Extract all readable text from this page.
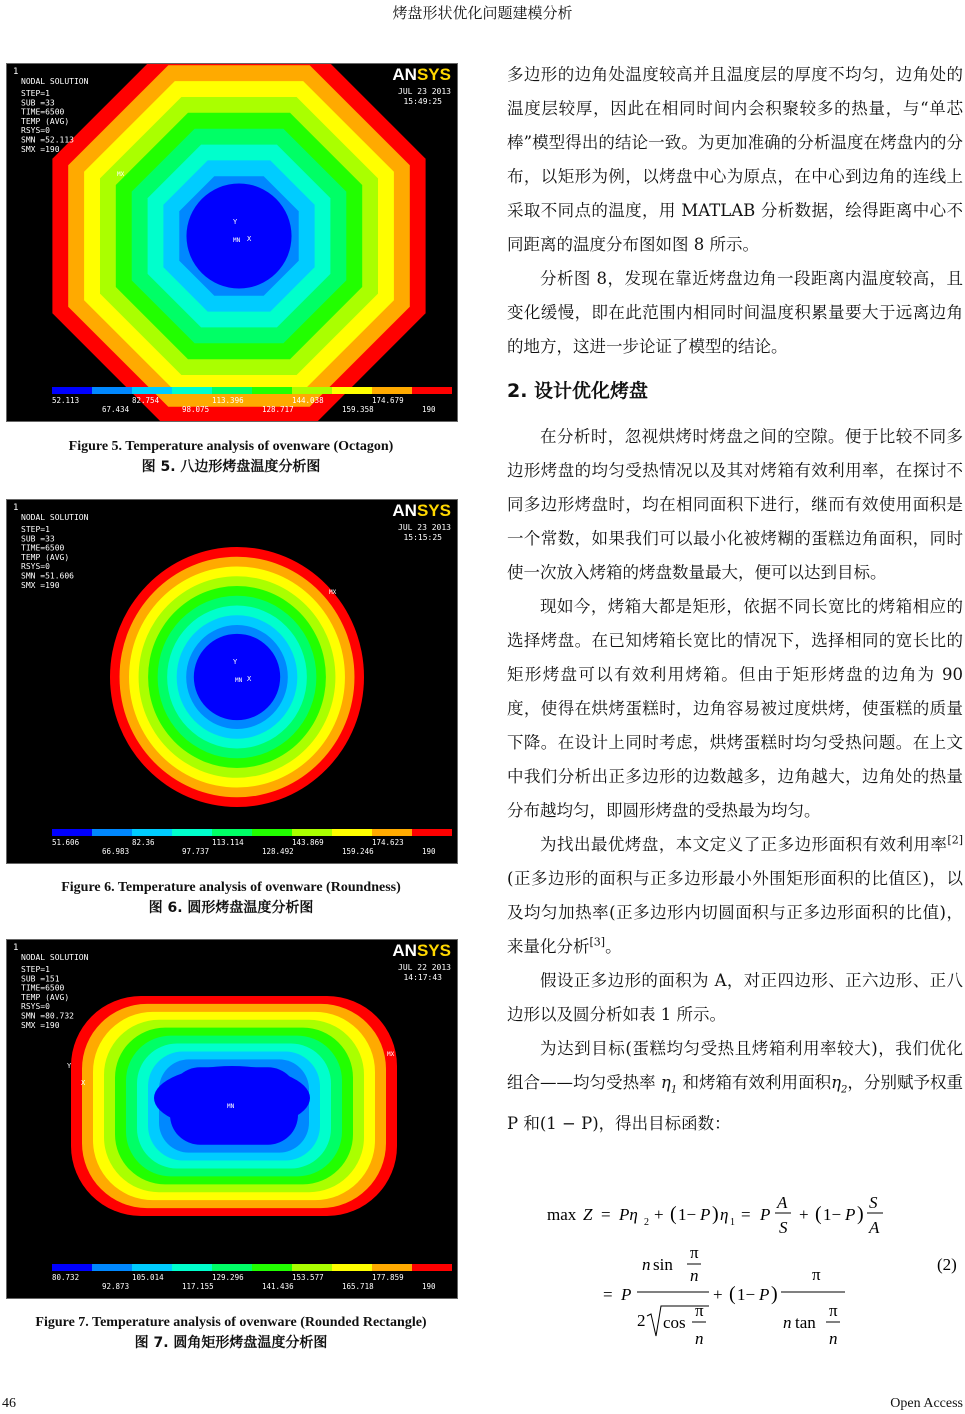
烤盘形状优化问题建模分析
1
NODAL SOLUTION
STEP=1
SUB =33
TIME=6500
TEMP (AVG)
RSYS=0
SMN =52.113
SMX =190
JUL 23 2013
15:49:25
ANSYS
MX
MN
Y
X
52.113	82.754	113.396	144.038	174.679
67.434	98.075	128.717	159.358	190
Figure 5. Temperature analysis of ovenware (Octagon)
图 5. 八边形烤盘温度分析图
1
NODAL SOLUTION
STEP=1
SUB =33
TIME=6500
TEMP (AVG)
RSYS=0
SMN =51.606
SMX =190
JUL 23 2013
15:15:25
ANSYS
MX
MN
Y
X
51.606	82.36	113.114	143.869	174.623
66.983	97.737	128.492	159.246	190
Figure 6. Temperature analysis of ovenware (Roundness)
图 6. 圆形烤盘温度分析图
1
NODAL SOLUTION
STEP=1
SUB =151
TIME=6500
TEMP (AVG)
RSYS=0
SMN =80.732
SMX =190
JUL 22 2013
14:17:43
ANSYS
MX
MN
Y
X
80.732	105.014	129.296	153.577	177.859
92.873	117.155	141.436	165.718	190
Figure 7. Temperature analysis of ovenware (Rounded Rectangle)
图 7. 圆角矩形烤盘温度分析图

多边形的边角处温度较高并且温度层的厚度不均匀，边角处的温度层较厚，因此在相同时间内会积聚较多的热量，与“单芯棒”模型得出的结论一致。为更加准确的分析温度在烤盘内的分布，以矩形为例，以烤盘中心为原点，在中心到边角的连线上采取不同点的温度，用 MATLAB 分析数据，绘得距离中心不同距离的温度分布图如图 8 所示。

分析图 8，发现在靠近烤盘边角一段距离内温度较高，且变化缓慢，即在此范围内相同时间温度积累量要大于远离边角的地方，这进一步论证了模型的结论。

2. 设计优化烤盘

在分析时，忽视烘烤时烤盘之间的空隙。便于比较不同多边形烤盘的均匀受热情况以及其对烤箱有效利用率，在探讨不同多边形烤盘时，均在相同面积下进行，继而有效使用面积是一个常数，如果我们可以最小化被烤糊的蛋糕边角面积，同时使一次放入烤箱的烤盘数量最大，便可以达到目标。

现如今，烤箱大都是矩形，依据不同长宽比的烤箱相应的选择烤盘。在已知烤箱长宽比的情况下，选择相同的宽长比的矩形烤盘可以有效利用烤箱。但由于矩形烤盘的边角为 90 度，使得在烘烤蛋糕时，边角容易被过度烘烤，使蛋糕的质量下降。在设计上同时考虑，烘烤蛋糕时均匀受热问题。在上文中我们分析出正多边形的边数越多，边角越大，边角处的热量分布越均匀，即圆形烤盘的受热最为均匀。

为找出最优烤盘，本文定义了正多边形面积有效利用率[2](正多边形的面积与正多边形最小外围矩形面积的比值区)，以及均匀加热率(正多边形内切圆面积与正多边形面积的比值)，来量化分析[3]。

假设正多边形的面积为 A，对正四边形、正六边形、正八边形以及圆分析如表 1 所示。

为达到目标(蛋糕均匀受热且烤箱利用率较大)，我们优化组合——均匀受热率 $\eta_1$ 和烤箱有效利用面积$\eta_2$，分别赋予权重 P 和(1 − P)，得出目标函数：

max Z = Pη 2 + ( 1− P ) η 1 = P
A
S
+ ( 1− P )
S
A
= P
n sin
π
n
2 cos
π
n
+ ( 1− P )
π
n tan
π
n
(2)
46	Open Access
